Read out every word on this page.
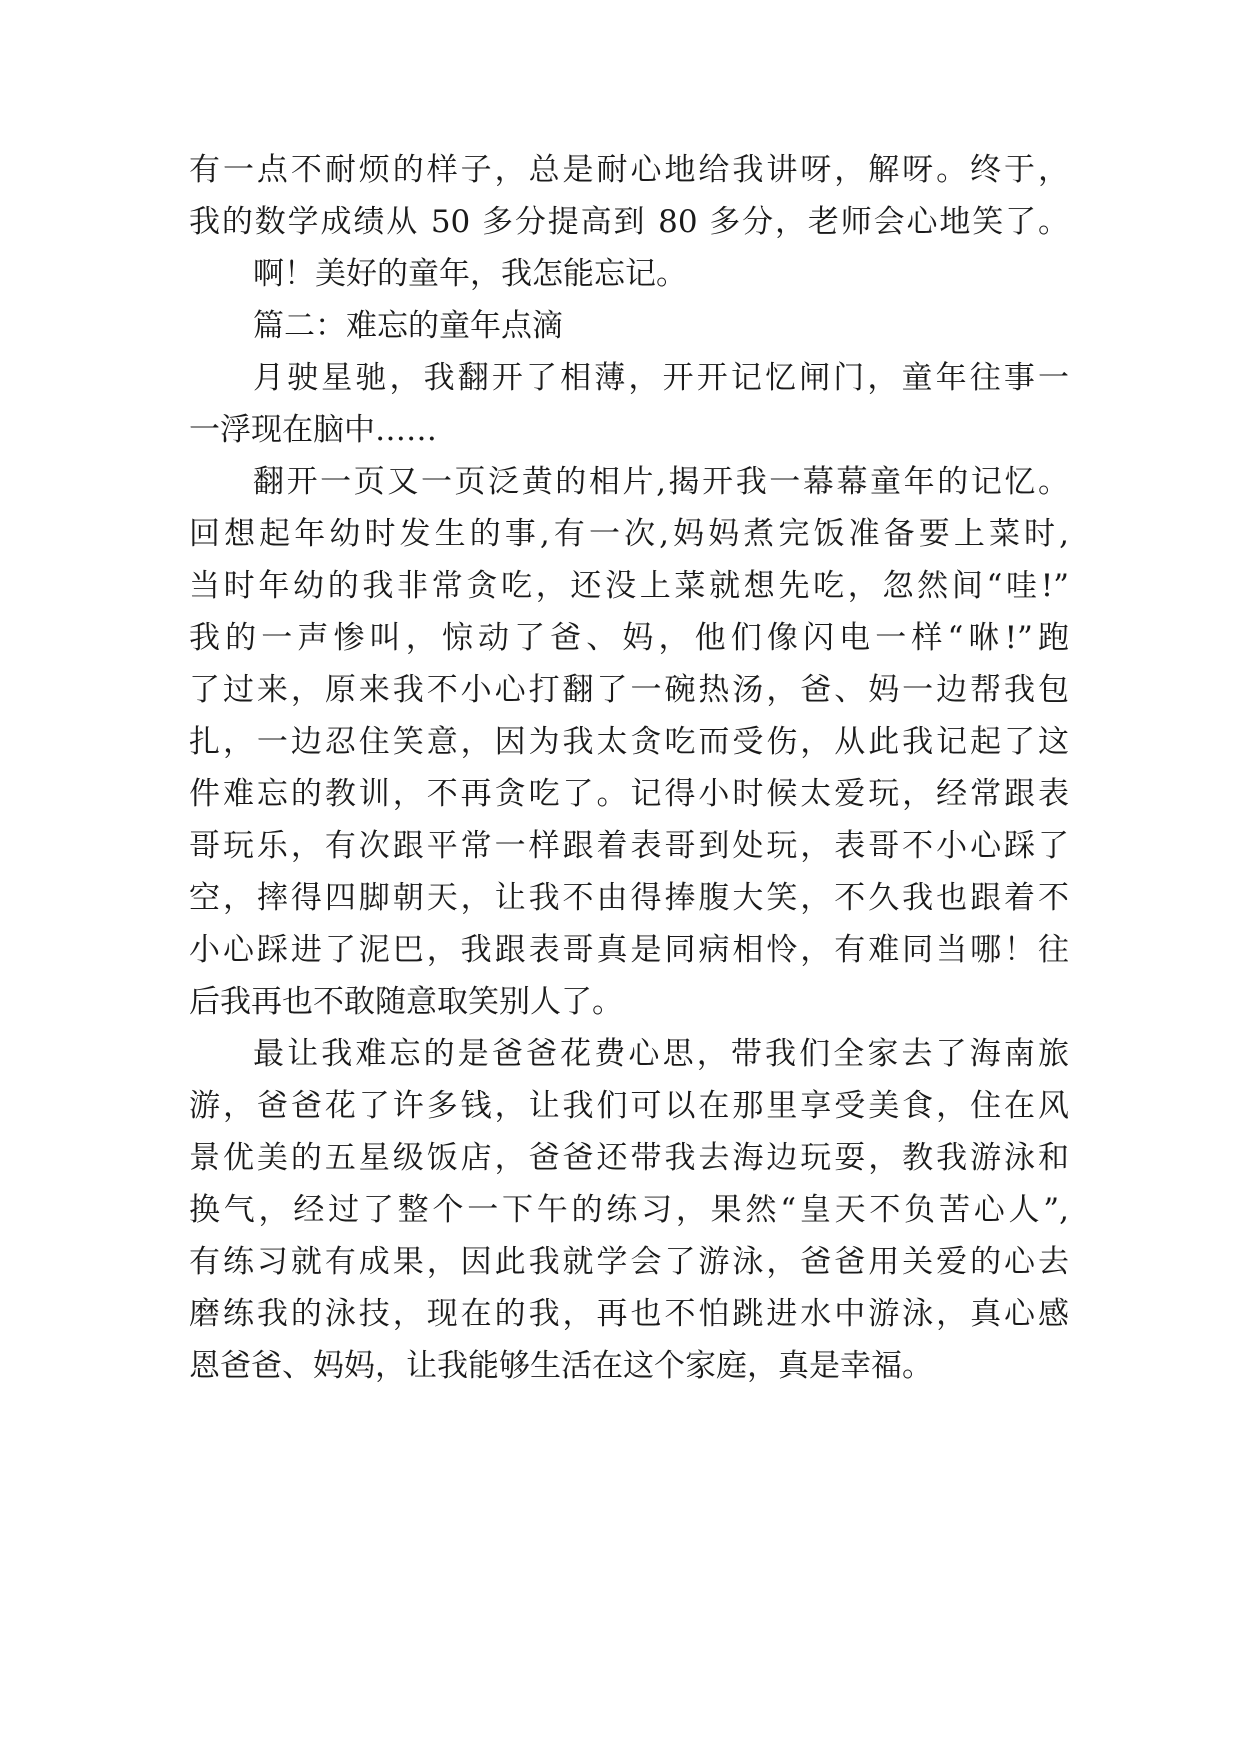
有一点不耐烦的样子，总是耐心地给我讲呀，解呀。终于，
我的数学成绩从 50 多分提高到 80 多分，老师会心地笑了。
啊！美好的童年，我怎能忘记。
篇二：难忘的童年点滴
月驶星驰，我翻开了相薄，开开记忆闸门，童年往事一
一浮现在脑中……
翻开一页又一页泛黄的相片,揭开我一幕幕童年的记忆。
回想起年幼时发生的事,有一次,妈妈煮完饭准备要上菜时,
当时年幼的我非常贪吃，还没上菜就想先吃，忽然间“哇!”
我的一声惨叫，惊动了爸、妈，他们像闪电一样“咻!”跑
了过来，原来我不小心打翻了一碗热汤，爸、妈一边帮我包
扎，一边忍住笑意，因为我太贪吃而受伤，从此我记起了这
件难忘的教训，不再贪吃了。记得小时候太爱玩，经常跟表
哥玩乐，有次跟平常一样跟着表哥到处玩，表哥不小心踩了
空，摔得四脚朝天，让我不由得捧腹大笑，不久我也跟着不
小心踩进了泥巴，我跟表哥真是同病相怜，有难同当哪！往
后我再也不敢随意取笑别人了。
最让我难忘的是爸爸花费心思，带我们全家去了海南旅
游，爸爸花了许多钱，让我们可以在那里享受美食，住在风
景优美的五星级饭店，爸爸还带我去海边玩耍，教我游泳和
换气，经过了整个一下午的练习，果然“皇天不负苦心人”,
有练习就有成果，因此我就学会了游泳，爸爸用关爱的心去
磨练我的泳技，现在的我，再也不怕跳进水中游泳，真心感
恩爸爸、妈妈，让我能够生活在这个家庭，真是幸福。
